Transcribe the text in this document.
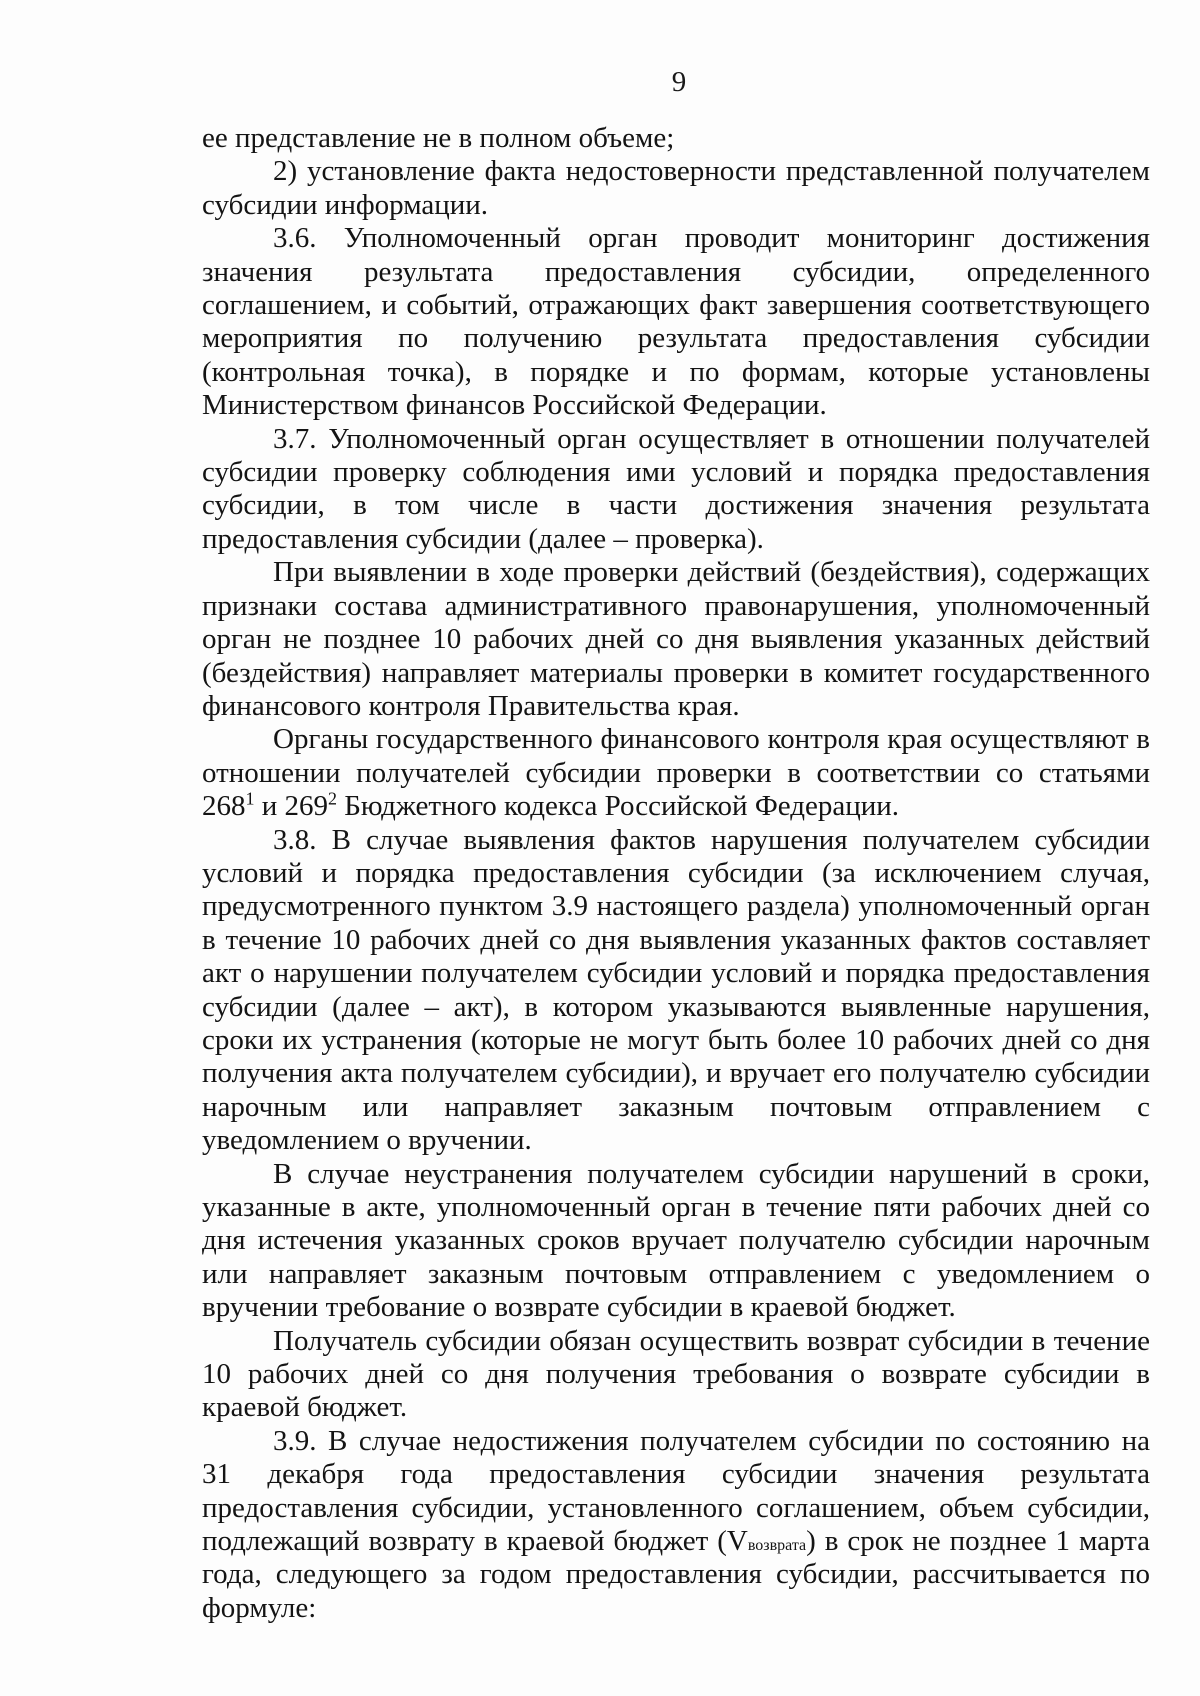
9

ее представление не в полном объеме;

2) установление факта недостоверности представленной получателем субсидии информации.

3.6. Уполномоченный орган проводит мониторинг достижения значения результата предоставления субсидии, определенного соглашением, и событий, отражающих факт завершения соответствующего мероприятия по получению результата предоставления субсидии (контрольная точка), в порядке и по формам, которые установлены Министерством финансов Российской Федерации.

3.7. Уполномоченный орган осуществляет в отношении получателей субсидии проверку соблюдения ими условий и порядка предоставления субсидии, в том числе в части достижения значения результата предоставления субсидии (далее – проверка).

При выявлении в ходе проверки действий (бездействия), содержащих признаки состава административного правонарушения, уполномоченный орган не позднее 10 рабочих дней со дня выявления указанных действий (бездействия) направляет материалы проверки в комитет государственного финансового контроля Правительства края.

Органы государственного финансового контроля края осуществляют в отношении получателей субсидии проверки в соответствии со статьями $268^1$ и $269^2$ Бюджетного кодекса Российской Федерации.

3.8. В случае выявления фактов нарушения получателем субсидии условий и порядка предоставления субсидии (за исключением случая, предусмотренного пунктом 3.9 настоящего раздела) уполномоченный орган в течение 10 рабочих дней со дня выявления указанных фактов составляет акт о нарушении получателем субсидии условий и порядка предоставления субсидии (далее – акт), в котором указываются выявленные нарушения, сроки их устранения (которые не могут быть более 10 рабочих дней со дня получения акта получателем субсидии), и вручает его получателю субсидии нарочным или направляет заказным почтовым отправлением с уведомлением о вручении.

В случае неустранения получателем субсидии нарушений в сроки, указанные в акте, уполномоченный орган в течение пяти рабочих дней со дня истечения указанных сроков вручает получателю субсидии нарочным или направляет заказным почтовым отправлением с уведомлением о вручении требование о возврате субсидии в краевой бюджет.

Получатель субсидии обязан осуществить возврат субсидии в течение 10 рабочих дней со дня получения требования о возврате субсидии в краевой бюджет.

3.9. В случае недостижения получателем субсидии по состоянию на 31 декабря года предоставления субсидии значения результата предоставления субсидии, установленного соглашением, объем субсидии, подлежащий возврату в краевой бюджет (Vвозврата) в срок не позднее 1 марта года, следующего за годом предоставления субсидии, рассчитывается по формуле:
